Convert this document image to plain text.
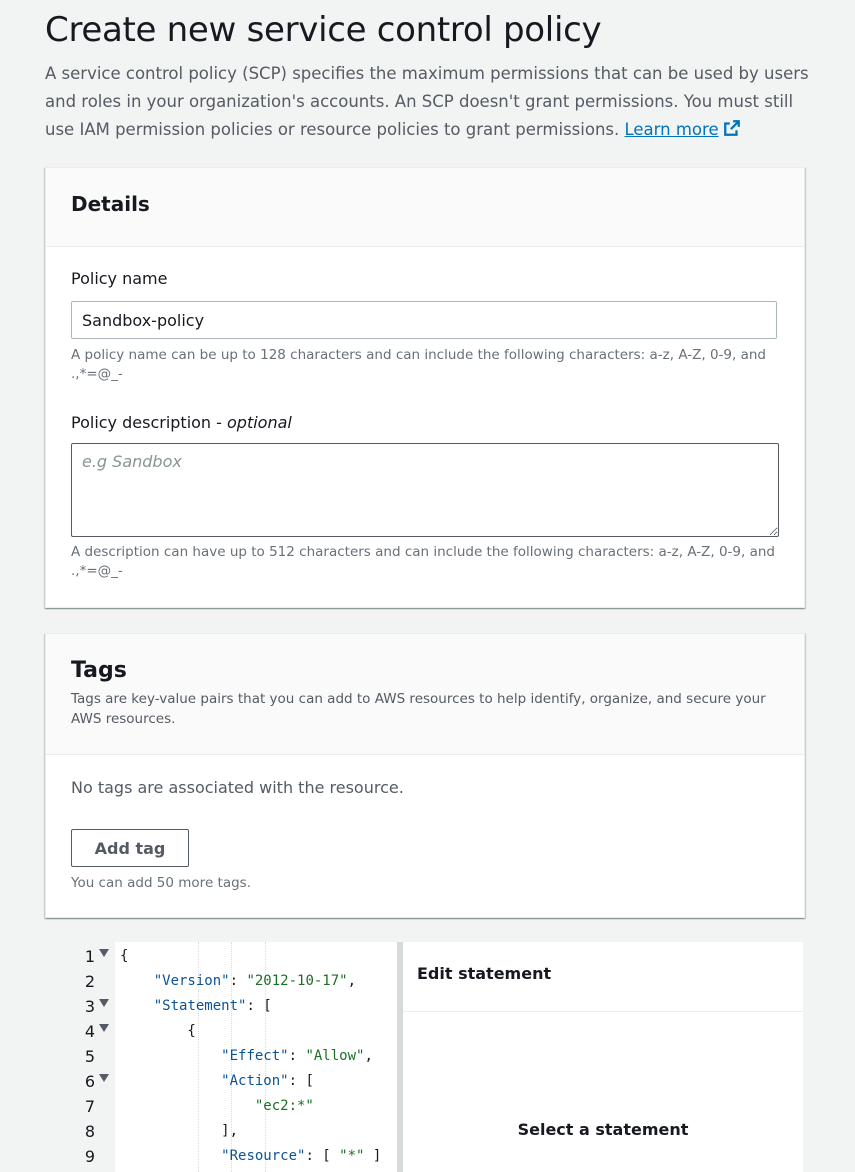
Create new service control policy

A service control policy (SCP) specifies the maximum permissions that can be used by users and roles in your organization's accounts. An SCP doesn't grant permissions. You must still use IAM permission policies or resource policies to grant permissions. Learn more

Details
Policy name
Sandbox-policy
A policy name can be up to 128 characters and can include the following characters: a-z, A-Z, 0-9, and .,*=@_-
Policy description - optional
e.g Sandbox
A description can have up to 512 characters and can include the following characters: a-z, A-Z, 0-9, and .,*=@_-
Tags
Tags are key-value pairs that you can add to AWS resources to help identify, organize, and secure your AWS resources.
No tags are associated with the resource.
Add tag
You can add 50 more tags.
1 {
2	"Version": "2012-10-17",
3	"Statement": [
4 {
5	"Effect": "Allow",
6	"Action": [
7	"ec2:*"
8 ],
9	"Resource": [ "*" ]
Edit statement
Select a statement
